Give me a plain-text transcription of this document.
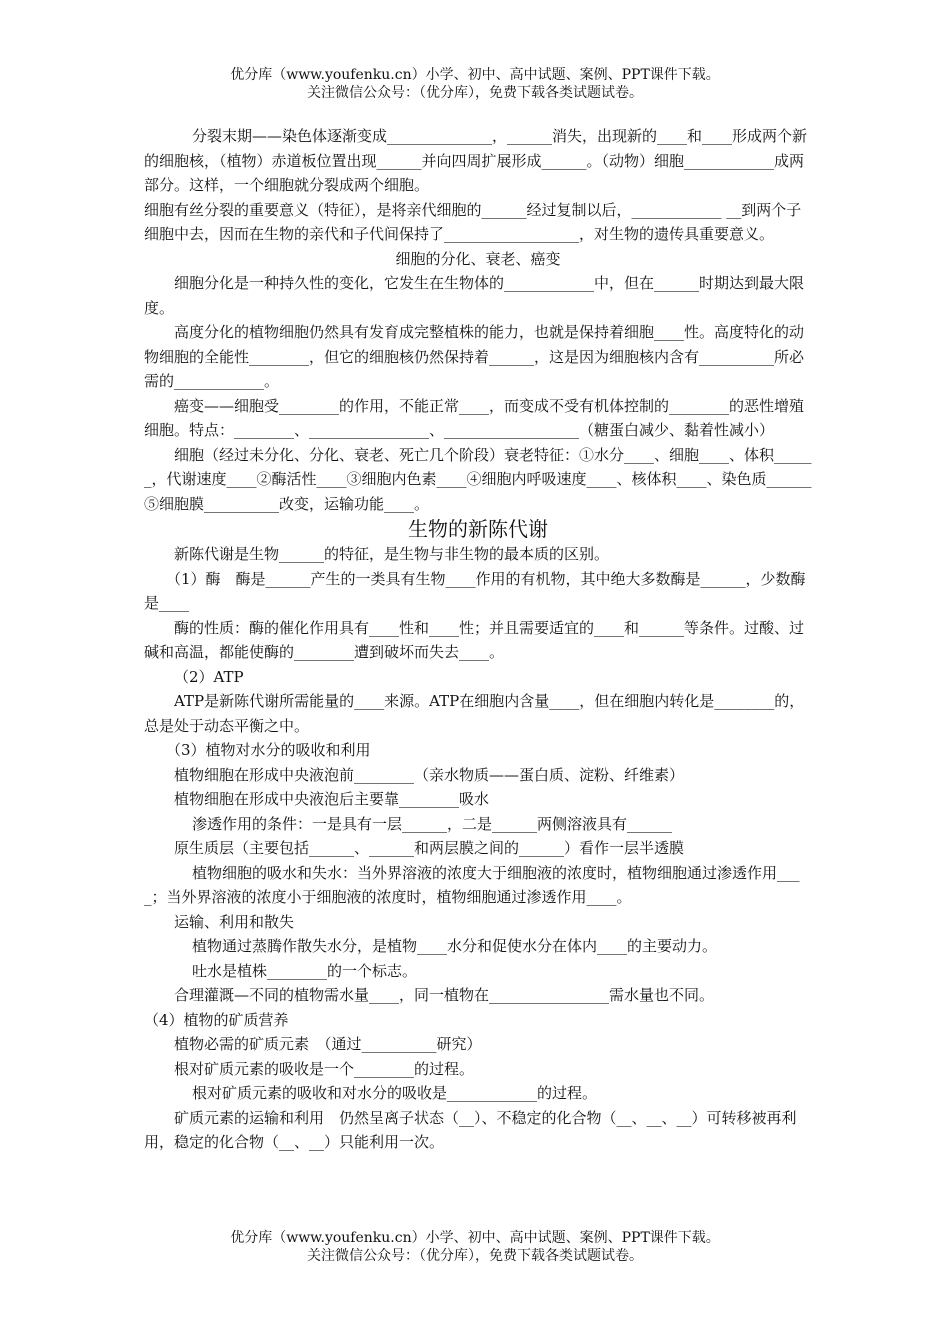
优分库（www.youfenku.cn）小学、初中、高中试题、案例、PPT课件下载。

关注微信公众号：（优分库），免费下载各类试题试卷。

分裂末期——染色体逐渐变成______________，______消失，出现新的____和____形成两个新的细胞核，（植物）赤道板位置出现______并向四周扩展形成______。（动物）细胞____________成两部分。这样，一个细胞就分裂成两个细胞。

细胞有丝分裂的重要意义（特征），是将亲代细胞的______经过复制以后，____________ __到两个子细胞中去，因而在生物的亲代和子代间保持了__________________，对生物的遗传具重要意义。

细胞的分化、衰老、癌变

细胞分化是一种持久性的变化，它发生在生物体的____________中，但在______时期达到最大限度。

高度分化的植物细胞仍然具有发育成完整植株的能力，也就是保持着细胞____性。高度特化的动物细胞的全能性________，但它的细胞核仍然保持着______，这是因为细胞核内含有__________所必需的____________。

癌变——细胞受________的作用，不能正常____，而变成不受有机体控制的________的恶性增殖细胞。特点：________、________________、__________________（糖蛋白减少、黏着性减小）

细胞（经过未分化、分化、衰老、死亡几个阶段）衰老特征：①水分____、细胞____、体积______，代谢速度____②酶活性____③细胞内色素____④细胞内呼吸速度____、核体积____、染色质______⑤细胞膜__________改变，运输功能____。

生物的新陈代谢

新陈代谢是生物______的特征，是生物与非生物的最本质的区别。

（1）酶　酶是______产生的一类具有生物____作用的有机物，其中绝大多数酶是______，少数酶是____

酶的性质：酶的催化作用具有____性和____性；并且需要适宜的____和______等条件。过酸、过碱和高温，都能使酶的________遭到破坏而失去____。

（2）ATP

ATP是新陈代谢所需能量的____来源。ATP在细胞内含量____，但在细胞内转化是________的，总是处于动态平衡之中。

（3）植物对水分的吸收和利用

植物细胞在形成中央液泡前________（亲水物质——蛋白质、淀粉、纤维素）

植物细胞在形成中央液泡后主要靠________吸水

渗透作用的条件：一是具有一层______，二是______两侧溶液具有______

原生质层（主要包括______、______和两层膜之间的______）看作一层半透膜

植物细胞的吸水和失水：当外界溶液的浓度大于细胞液的浓度时，植物细胞通过渗透作用____；当外界溶液的浓度小于细胞液的浓度时，植物细胞通过渗透作用____。

运输、利用和散失

植物通过蒸腾作散失水分，是植物____水分和促使水分在体内____的主要动力。

吐水是植株________的一个标志。

合理灌溉—不同的植物需水量____，同一植物在________________需水量也不同。

（4）植物的矿质营养

植物必需的矿质元素　（通过__________研究）

根对矿质元素的吸收是一个________的过程。

根对矿质元素的吸收和对水分的吸收是____________的过程。

矿质元素的运输和利用　仍然呈离子状态（__）、不稳定的化合物（__、__、__）可转移被再利用，稳定的化合物（__、__）只能利用一次。

优分库（www.youfenku.cn）小学、初中、高中试题、案例、PPT课件下载。

关注微信公众号：（优分库），免费下载各类试题试卷。
